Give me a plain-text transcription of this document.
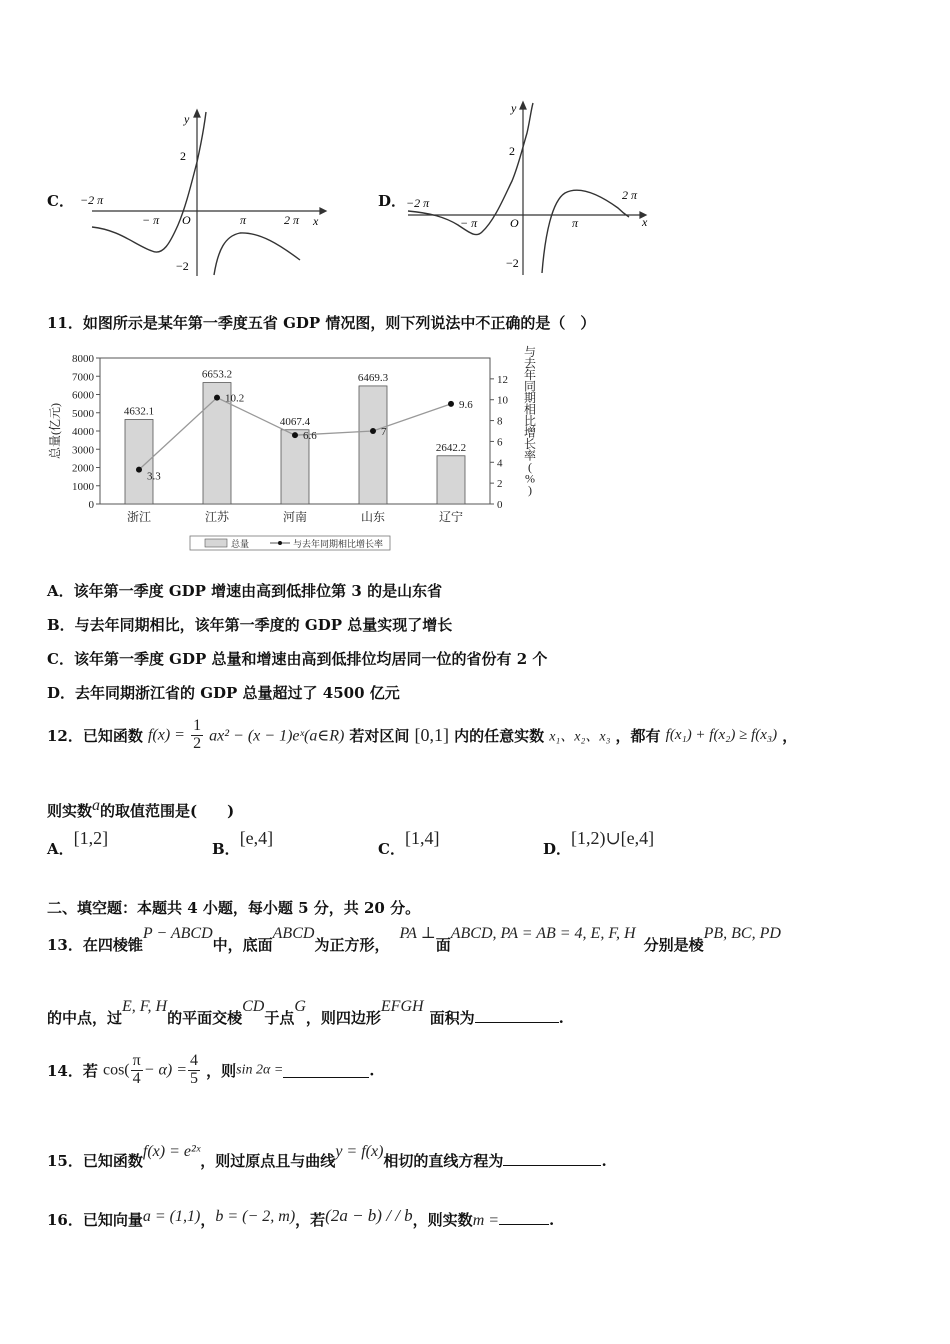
C． −2 π
− π O	π	2 π x
y
2
−2
D． −2 π
− π	O	π
2 π
x
y
2
−2
11．如图所示是某年第一季度五省 GDP 情况图，则下列说法中不正确的是（　）
0
1000
2000
3000
4000
5000
6000
7000
8000
0
2
4
6
8
10
12
总量(亿元)
与
去
年
同
期
相
比
增
长
率
(
%
)
4632.1
浙江
6653.2
江苏
4067.4
河南
6469.3
山东
2642.2
辽宁
3.3
10.2
6.6	7
9.6
总量	与去年同期相比增长率
A．该年第一季度 GDP 增速由高到低排位第 3 的是山东省
B．与去年同期相比，该年第一季度的 GDP 总量实现了增长
C．该年第一季度 GDP 总量和增速由高到低排位均居同一位的省份有 2 个
D．去年同期浙江省的 GDP 总量超过了 4500 亿元
12．已知函数 $f(x) = \frac{1}{2} ax^2 - (x$ − 1)eˣ(a∈R) 若对区间 [0,1] 内的任意实数 x₁、x₂、x₃ ，都有 f(x₁) + f(x₂) ≥ f(x₃) ，
则实数a的取值范围是(　　)
A．[1,2]
B．[e,4]
C．[1,4]
D．[1,2)∪[e,4]
二、填空题：本题共 4 小题，每小题 5 分，共 20 分。
13．在四棱锥P − ABCD中，底面ABCD为正方形，PA ⊥面ABCD, PA = AB = 4, E, F, H分别是棱PB, BC, PD
的中点，过E, F, H的平面交棱CD于点G，则四边形EFGH面积为	.
14．若 $\cos( \frac{\pi}{4} - \alpha) = \frac{4}{5}$ ，则sin 2α =	.
15．已知函数f(x) = e²ˣ，则过原点且与曲线y = f(x)相切的直线方程为	.
16．已知向量a = (1,1)，b = (− 2, m)，若(2a − b) / / b，则实数m =	.
